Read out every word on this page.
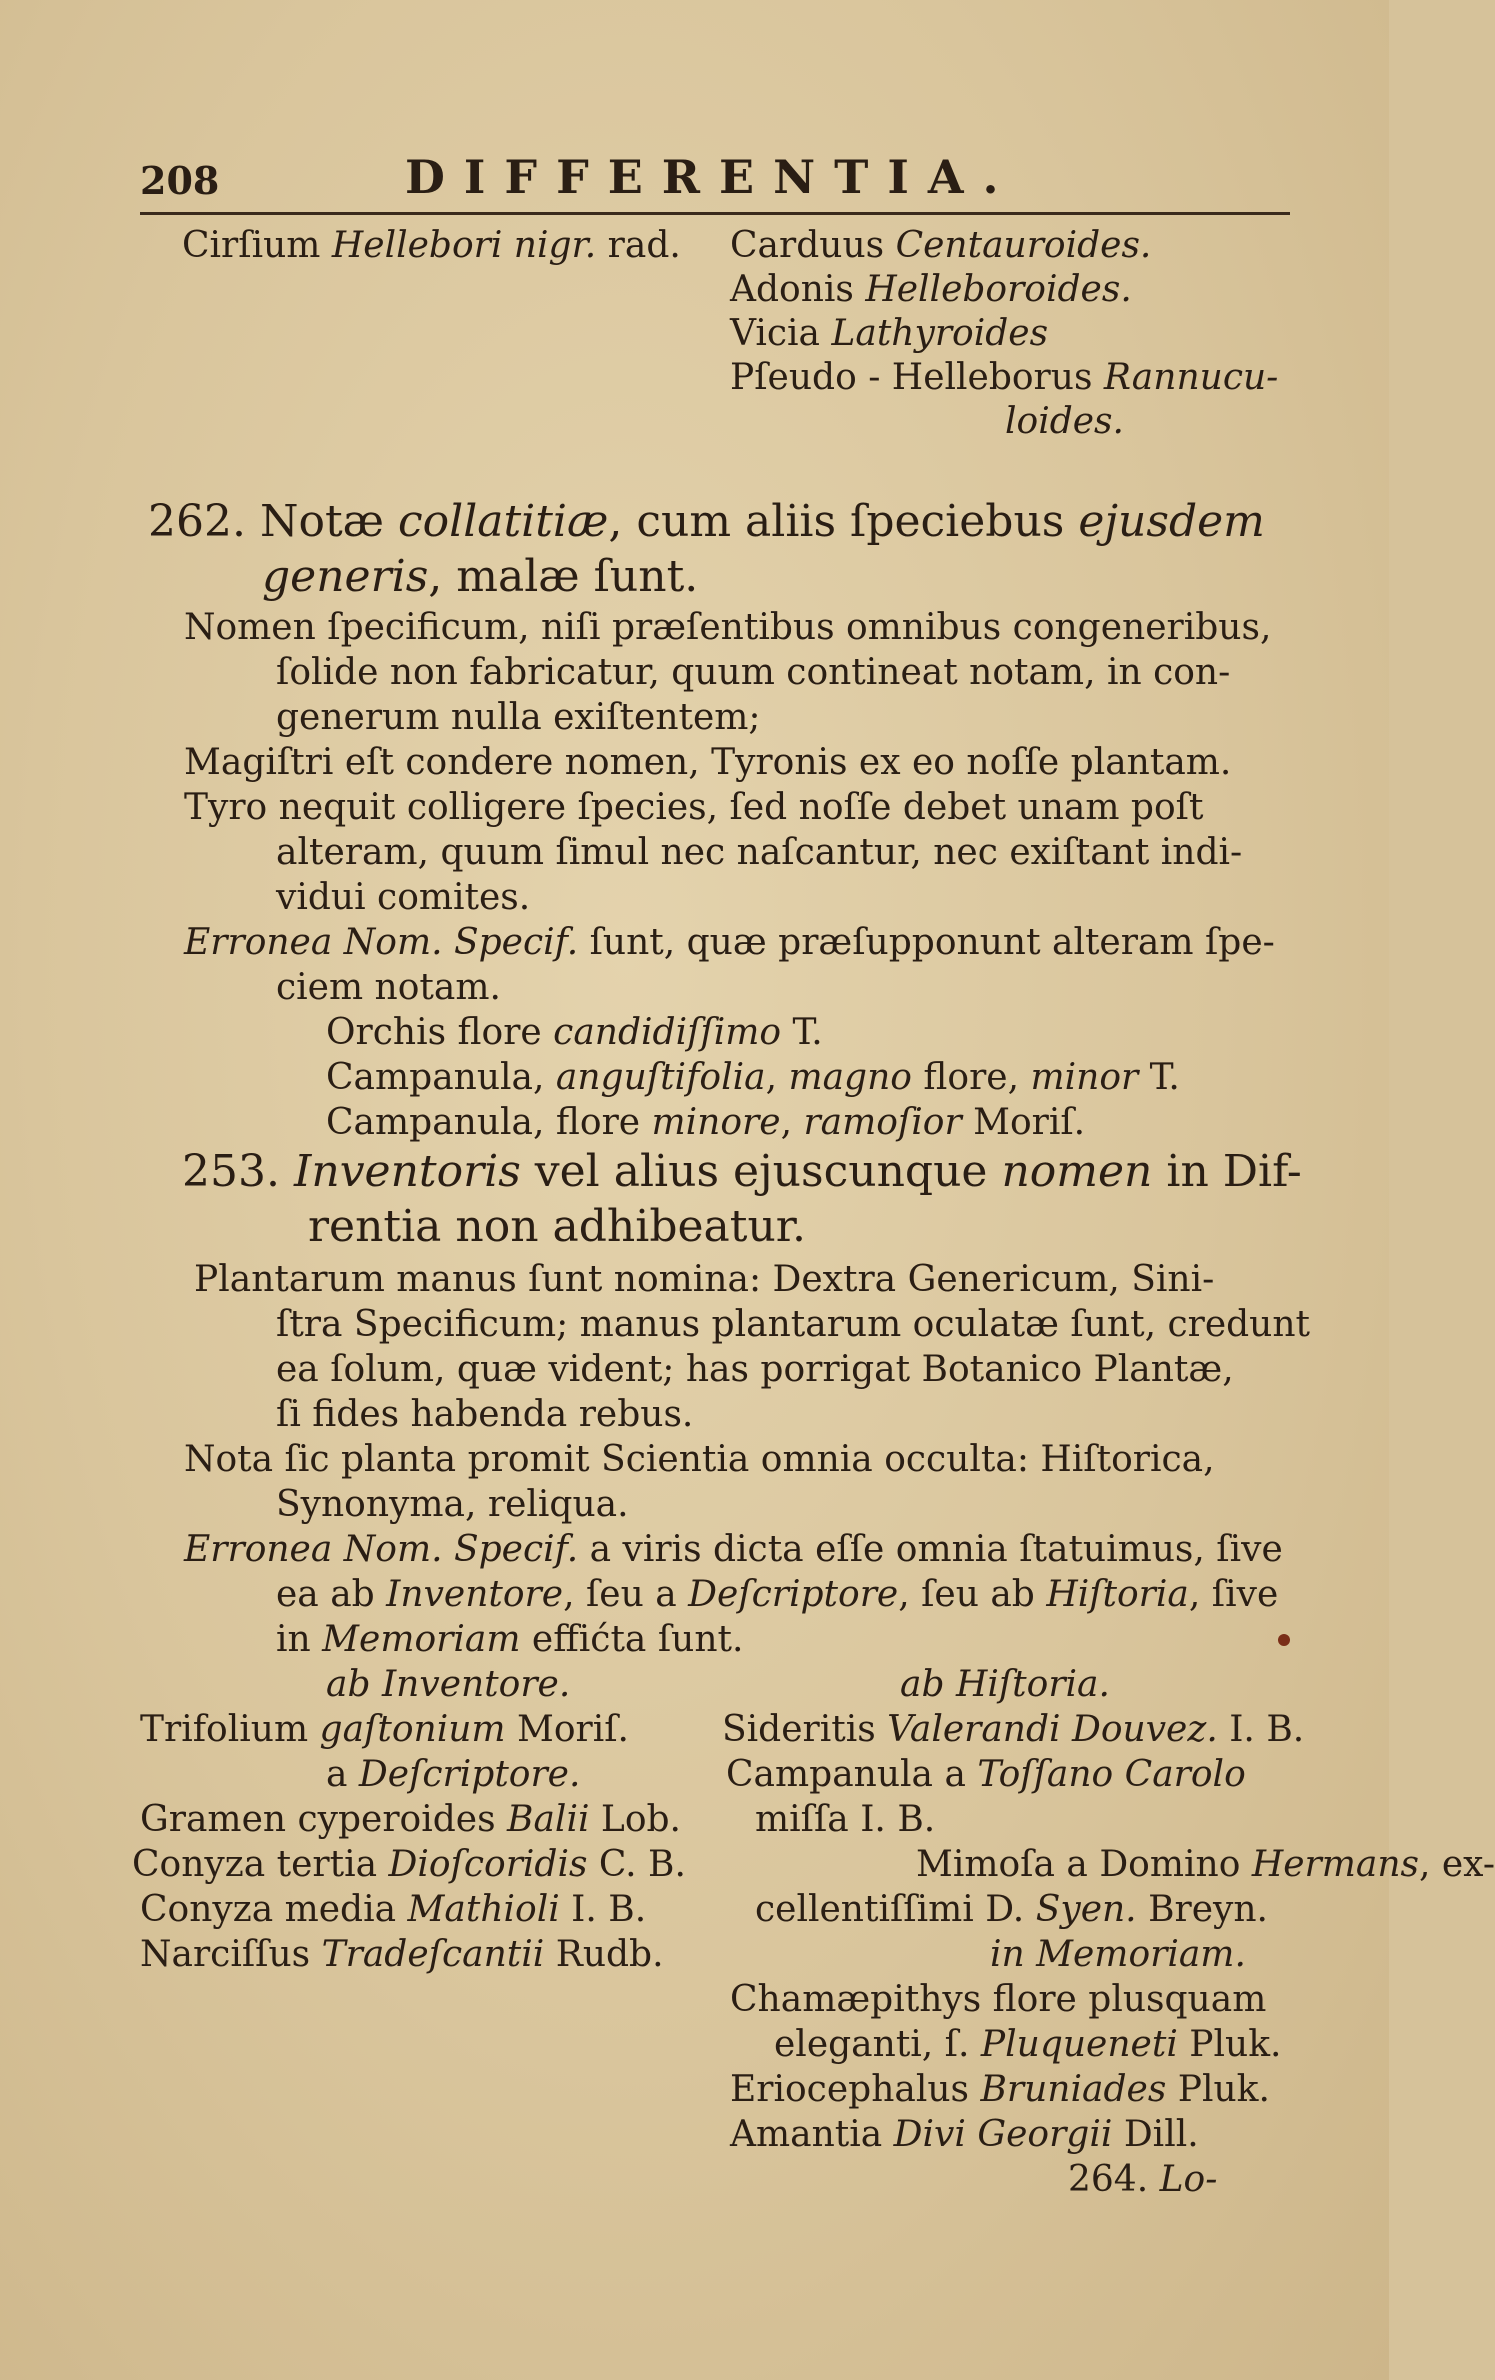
208	DIFFERENTIA.
Cirſium Hellebori nigr. rad. Carduus Centauroides.
Adonis Helleboroides.
Vicia Lathyroides
Pſeudo - Helleborus Rannucu-
loides.
262. Notæ collatitiæ, cum aliis ſpeciebus ejusdem
generis, malæ ſunt.
Nomen ſpecificum, niſi præſentibus omnibus congeneribus,
ſolide non fabricatur, quum contineat notam, in con-
generum nulla exiſtentem;
Magiſtri eſt condere nomen, Tyronis ex eo noſſe plantam.
Tyro nequit colligere ſpecies, ſed noſſe debet unam poſt
alteram, quum ſimul nec naſcantur, nec exiſtant indi-
vidui comites.
Erronea Nom. Specif. ſunt, quæ præſupponunt alteram ſpe-
ciem notam.
Orchis flore candidiſſimo T.
Campanula, anguſtifolia, magno flore, minor T.
Campanula, flore minore, ramoſior Moriſ.
253. Inventoris vel alius ejuscunque nomen in Dif-
rentia non adhibeatur.
Plantarum manus ſunt nomina: Dextra Genericum, Sini-
ſtra Specificum; manus plantarum oculatæ ſunt, credunt
ea ſolum, quæ vident; has porrigat Botanico Plantæ,
ſi fides habenda rebus.
Nota ſic planta promit Scientia omnia occulta: Hiſtorica,
Synonyma, reliqua.
Erronea Nom. Specif. a viris dicta eſſe omnia ſtatuimus, ſive
ea ab Inventore, ſeu a Deſcriptore, ſeu ab Hiſtoria, ſive
in Memoriam effićta ſunt.
ab Inventore.	ab Hiſtoria.
Trifolium gaſtonium Moriſ.
a Deſcriptore.
Gramen cyperoides Balii Lob.
Conyza tertia Dioſcoridis C. B.
Conyza media Mathioli I. B.
Narciſſus Tradeſcantii Rudb.
Sideritis Valerandi Douvez. I. B.
Campanula a Toſſano Carolo
miſſa I. B.
Mimoſa a Domino Hermans, ex-
cellentiſſimi D. Syen. Breyn.
in Memoriam.
Chamæpithys flore plusquam
eleganti, ſ. Pluqueneti Pluk.
Eriocephalus Bruniades Pluk.
Amantia Divi Georgii Dill.
264. Lo-
